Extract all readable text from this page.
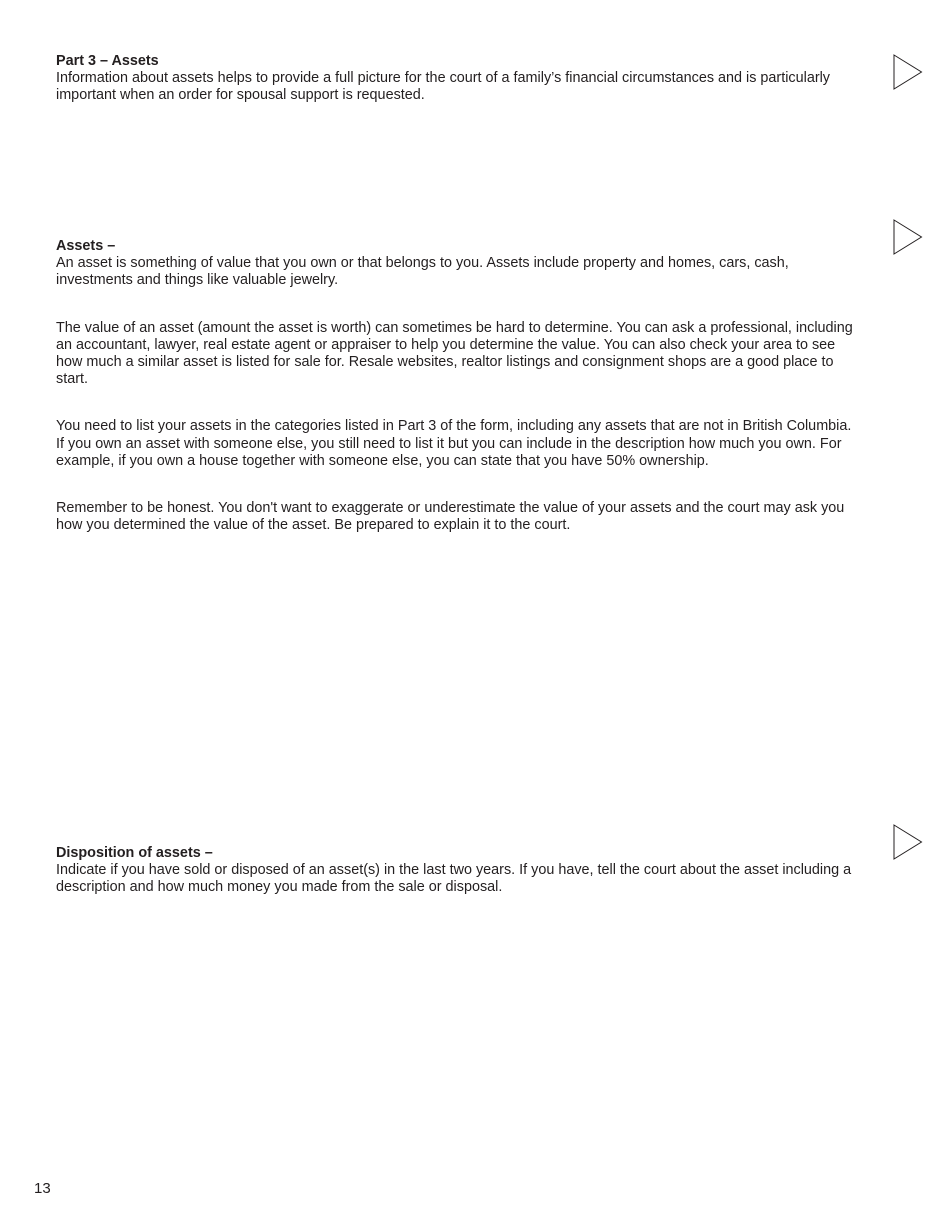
Part 3 – Assets

Information about assets helps to provide a full picture for the court of a family’s financial circumstances and is particularly important when an order for spousal support is requested.

Assets –

An asset is something of value that you own or that belongs to you. Assets include property and homes, cars, cash, investments and things like valuable jewelry.

The value of an asset (amount the asset is worth) can sometimes be hard to determine. You can ask a professional, including an accountant, lawyer, real estate agent or appraiser to help you determine the value. You can also check your area to see how much a similar asset is listed for sale for. Resale websites, realtor listings and consignment shops are a good place to start.

You need to list your assets in the categories listed in Part 3 of the form, including any assets that are not in British Columbia. If you own an asset with someone else, you still need to list it but you can include in the description how much you own. For example, if you own a house together with someone else, you can state that you have 50% ownership.

Remember to be honest. You don't want to exaggerate or underestimate the value of your assets and the court may ask you how you determined the value of the asset. Be prepared to explain it to the court.

Disposition of assets –

Indicate if you have sold or disposed of an asset(s) in the last two years. If you have, tell the court about the asset including a description and how much money you made from the sale or disposal.

13
